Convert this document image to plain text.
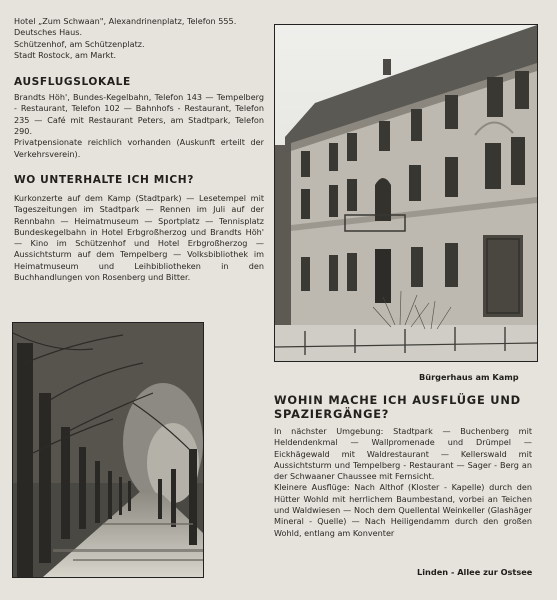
Hotel „Zum Schwaan", Alexandrinenplatz, Telefon 555.

Deutsches Haus.

Schützenhof, am Schützenplatz.

Stadt Rostock, am Markt.

AUSFLUGSLOKALE

Brandts Höh', Bundes-Kegelbahn, Telefon 143 — Tempelberg - Restaurant, Telefon 102 — Bahnhofs - Restaurant, Telefon 235 — Café mit Restaurant Peters, am Stadtpark, Telefon 290.

Privatpensionate reichlich vorhanden (Auskunft erteilt der Verkehrsverein).

WO UNTERHALTE ICH MICH?

Kurkonzerte auf dem Kamp (Stadtpark) — Lesetempel mit Tageszeitungen im Stadtpark — Rennen im Juli auf der Rennbahn — Heimatmuseum — Sportplatz — Tennisplatz Bundeskegelbahn in Hotel Erbgroßherzog und Brandts Höh' — Kino im Schützenhof und Hotel Erbgroßherzog — Aussichtsturm auf dem Tempelberg — Volksbibliothek im Heimatmuseum und Leihbibliotheken in den Buchhandlungen von Rosenberg und Bitter.

Bürgerhaus am Kamp

WOHIN MACHE ICH AUSFLÜGE UND

SPAZIERGÄNGE?

In nächster Umgebung: Stadtpark — Buchenberg mit Heldendenkmal — Wallpromenade und Drümpel — Eickhägewald mit Waldrestaurant — Kellerswald mit Aussichtsturm und Tempelberg - Restaurant — Sager - Berg an der Schwaaner Chaussee mit Fernsicht.

Kleinere Ausflüge: Nach Althof (Kloster - Kapelle) durch den Hütter Wohld mit herrlichem Baumbestand, vorbei an Teichen und Waldwiesen — Noch dem Quellental Weinkeller (Glashäger Mineral - Quelle) — Nach Heiligendamm durch den großen Wohld, entlang am Konventer

Linden - Allee zur Ostsee
